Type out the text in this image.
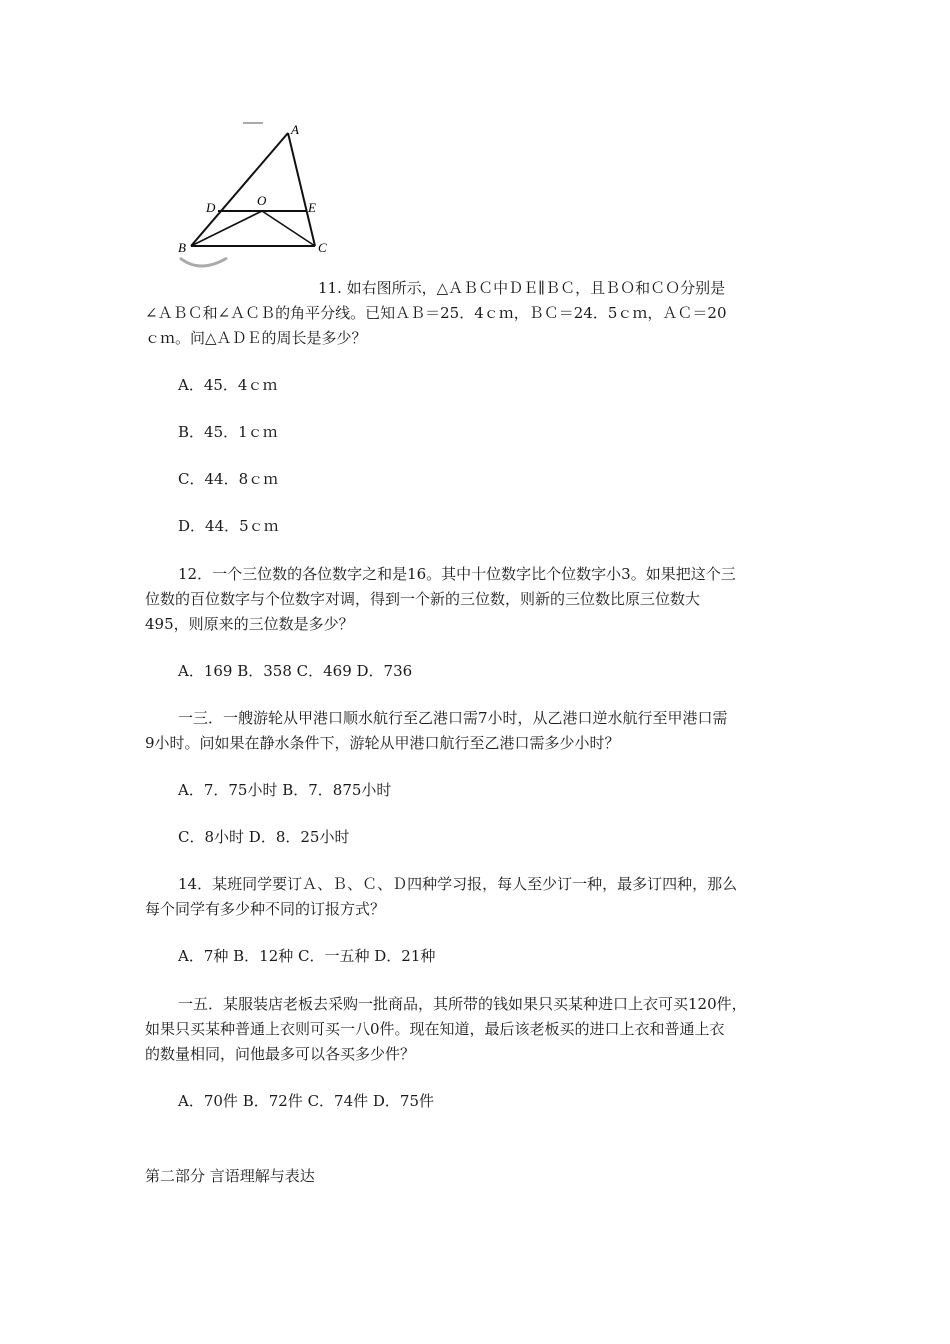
A
B	C
D	E
O

11. 如右图所示，△ＡＢＣ中ＤＥ∥ＢＣ，且ＢＯ和ＣＯ分别是

∠ＡＢＣ和∠ＡＣＢ的角平分线。已知ＡＢ＝25．4ｃｍ，ＢＣ＝24．5ｃｍ，ＡＣ＝20

ｃｍ。问△ＡＤＥ的周长是多少？

A．45．4ｃｍ

B．45．1ｃｍ

C．44．8ｃｍ

D．44．5ｃｍ

12．一个三位数的各位数字之和是16。其中十位数字比个位数字小3。如果把这个三

位数的百位数字与个位数字对调，得到一个新的三位数，则新的三位数比原三位数大

495，则原来的三位数是多少？

A．169 B．358 C．469 D．736

一三．一艘游轮从甲港口顺水航行至乙港口需7小时，从乙港口逆水航行至甲港口需

9小时。问如果在静水条件下，游轮从甲港口航行至乙港口需多少小时？

A．7．75小时 B．7．875小时

C．8小时 D．8．25小时

14．某班同学要订Ａ、Ｂ、Ｃ、Ｄ四种学习报，每人至少订一种，最多订四种，那么

每个同学有多少种不同的订报方式？

A．7种 B．12种 C．一五种 D．21种

一五．某服装店老板去采购一批商品，其所带的钱如果只买某种进口上衣可买120件，

如果只买某种普通上衣则可买一八0件。现在知道，最后该老板买的进口上衣和普通上衣

的数量相同，问他最多可以各买多少件？

A．70件 B．72件 C．74件 D．75件

第二部分 言语理解与表达
